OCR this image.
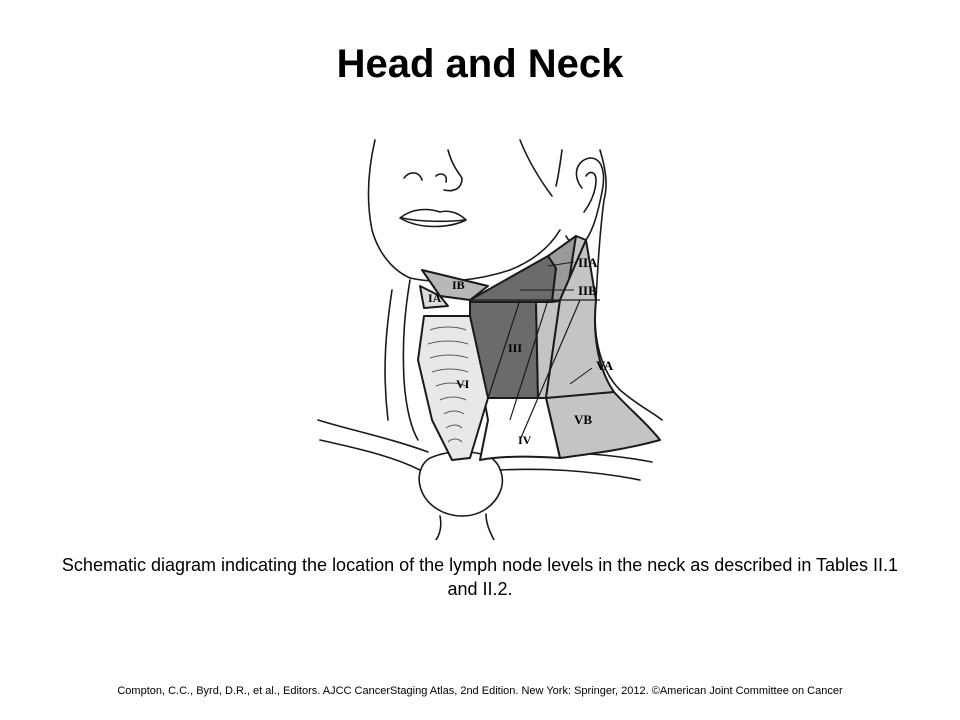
Head and Neck
IB
IA
IIA
IIB
III
VA
VI
VB
IV
Schematic diagram indicating the location of the lymph node levels in the neck as described in Tables II.1 and II.2.
Compton, C.C., Byrd, D.R., et al., Editors. AJCC CancerStaging Atlas, 2nd Edition. New York: Springer, 2012. ©American Joint Committee on Cancer
